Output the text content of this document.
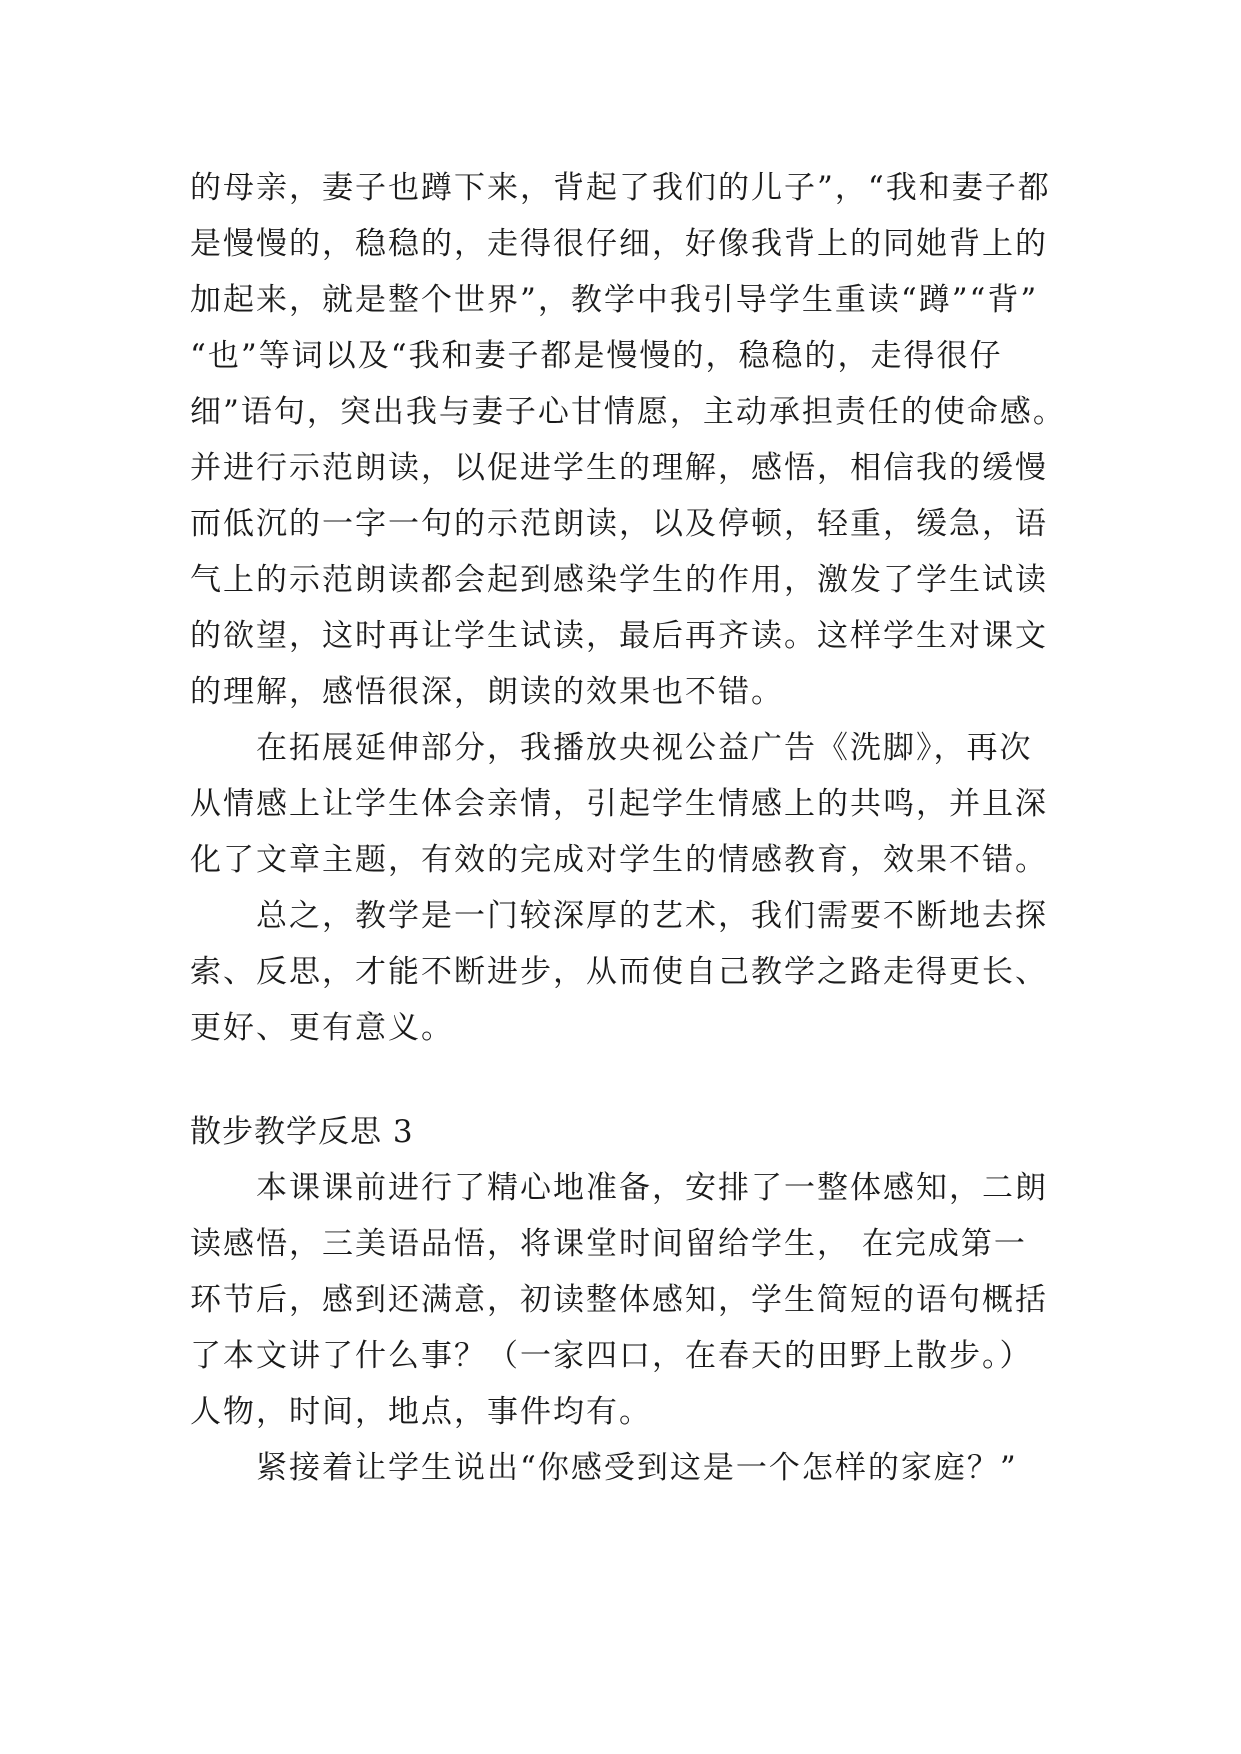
的母亲，妻子也蹲下来，背起了我们的儿子”，“我和妻子都
是慢慢的，稳稳的，走得很仔细，好像我背上的同她背上的
加起来，就是整个世界”，教学中我引导学生重读“蹲”“背”
“也”等词以及“我和妻子都是慢慢的，稳稳的，走得很仔
细”语句，突出我与妻子心甘情愿，主动承担责任的使命感。
并进行示范朗读，以促进学生的理解，感悟，相信我的缓慢
而低沉的一字一句的示范朗读，以及停顿，轻重，缓急，语
气上的示范朗读都会起到感染学生的作用，激发了学生试读
的欲望，这时再让学生试读，最后再齐读。这样学生对课文
的理解，感悟很深，朗读的效果也不错。
在拓展延伸部分，我播放央视公益广告《洗脚》，再次
从情感上让学生体会亲情，引起学生情感上的共鸣，并且深
化了文章主题，有效的完成对学生的情感教育，效果不错。
总之，教学是一门较深厚的艺术，我们需要不断地去探
索、反思，才能不断进步，从而使自己教学之路走得更长、
更好、更有意义。
散步教学反思 3
本课课前进行了精心地准备，安排了一整体感知，二朗
读感悟，三美语品悟，将课堂时间留给学生， 在完成第一
环节后，感到还满意，初读整体感知，学生简短的语句概括
了本文讲了什么事？（一家四口，在春天的田野上散步。）
人物，时间，地点，事件均有。
紧接着让学生说出“你感受到这是一个怎样的家庭？”
